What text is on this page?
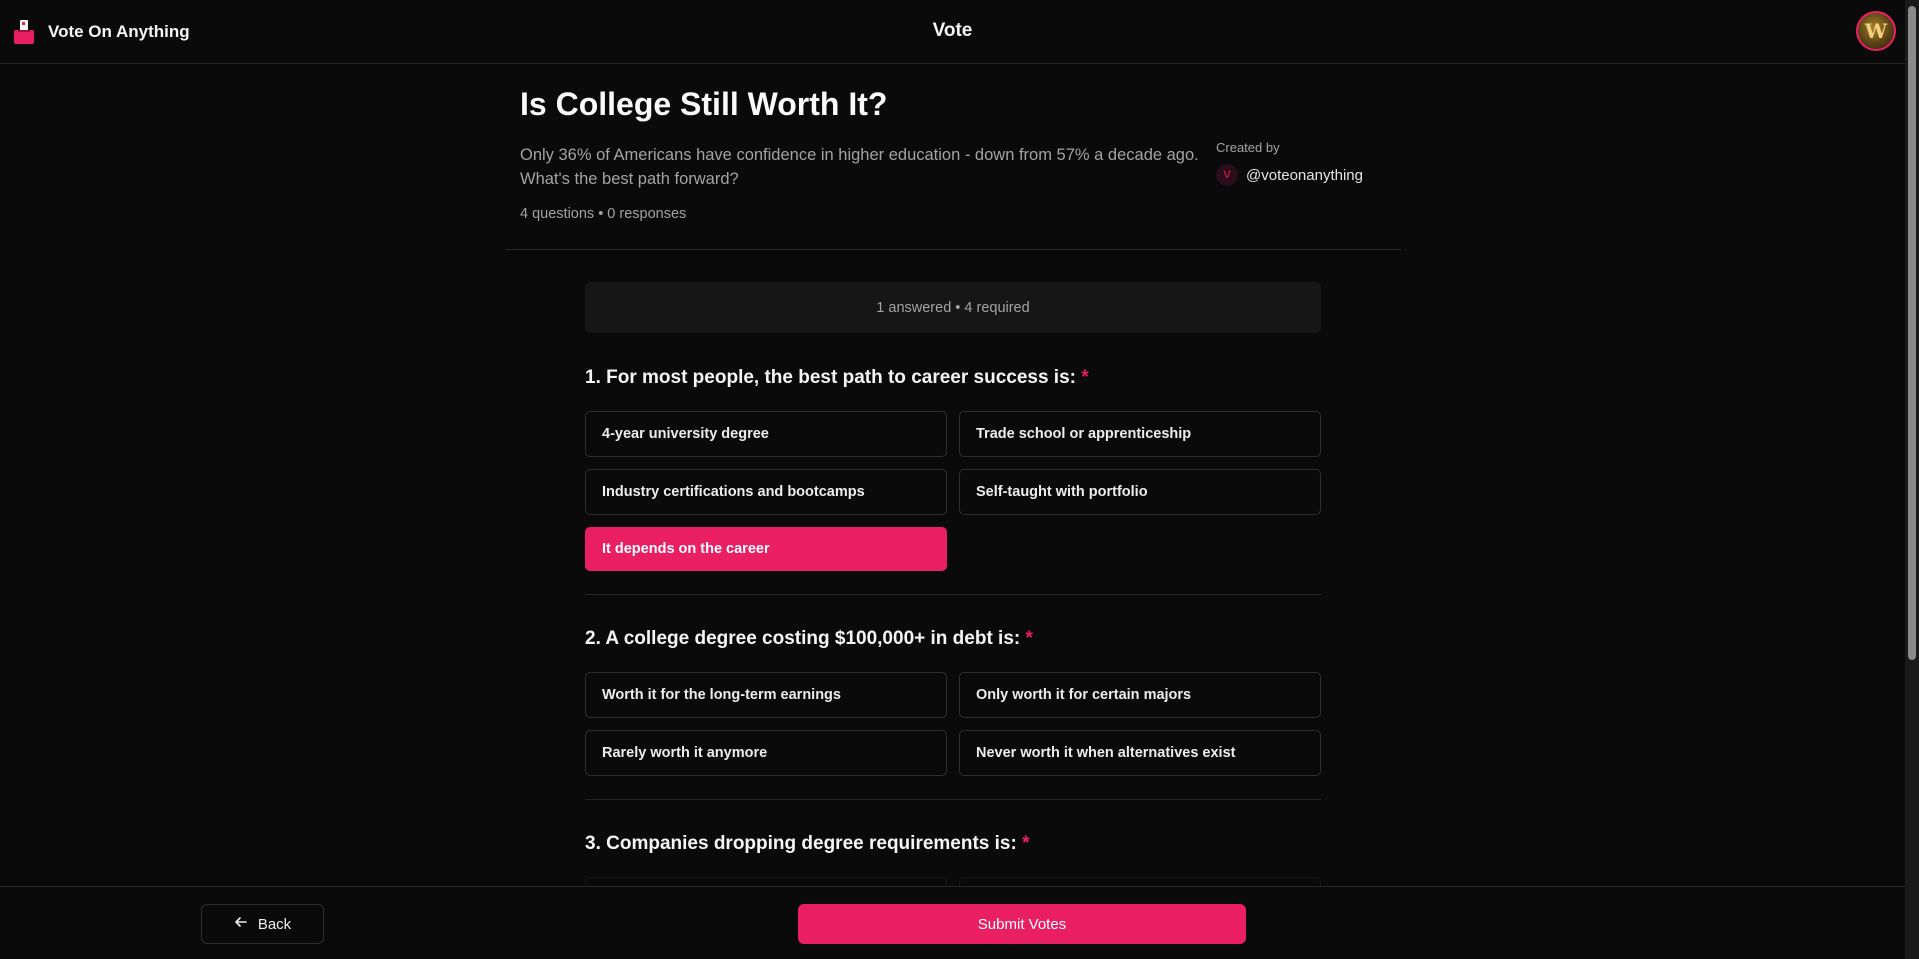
Vote On Anything	Vote	W
Is College Still Worth It?

Only 36% of Americans have confidence in higher education - down from 57% a decade ago. What's the best path forward?

4 questions • 0 responses
Created by
V	@voteonanything
1 answered • 4 required
1. For most people, the best path to career success is: *
4-year university degree	Trade school or apprenticeship
Industry certifications and bootcamps	Self-taught with portfolio
It depends on the career
2. A college degree costing $100,000+ in debt is: *
Worth it for the long-term earnings	Only worth it for certain majors
Rarely worth it anymore	Never worth it when alternatives exist
3. Companies dropping degree requirements is: *
Back	Submit Votes
